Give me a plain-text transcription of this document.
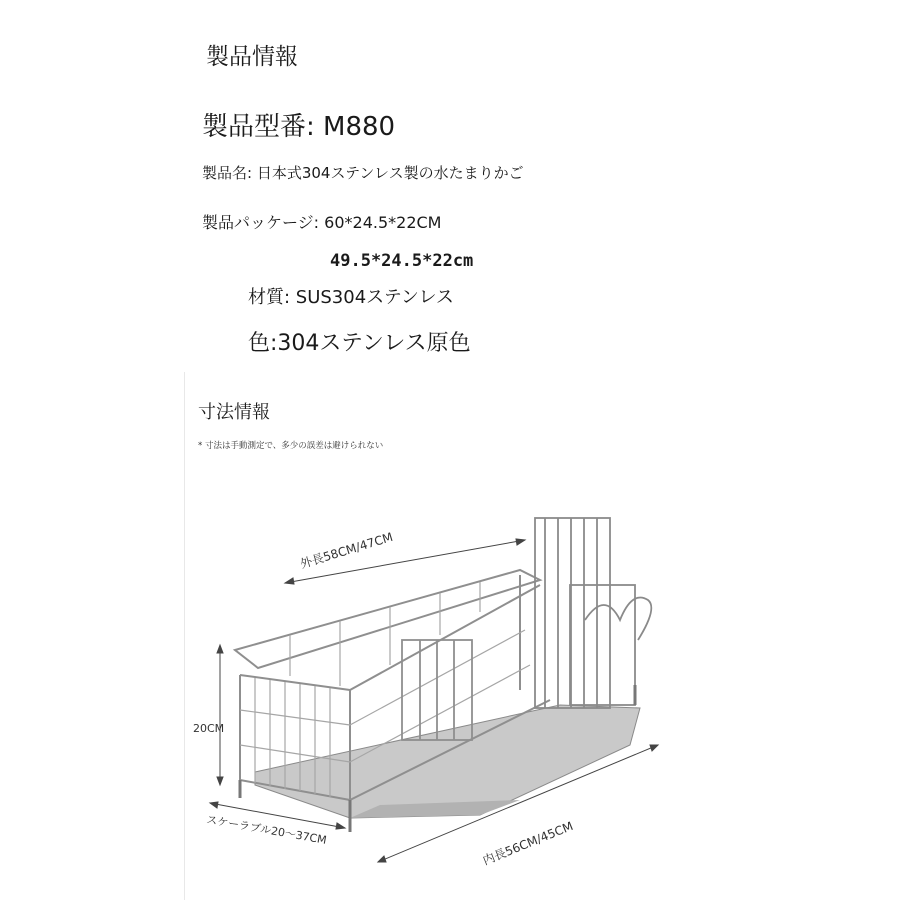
製品情報

製品型番: M880

製品名: 日本式304ステンレス製の水たまりかご

製品パッケージ: 60*24.5*22CM

49.5*24.5*22cm

材質: SUS304ステンレス

色:304ステンレス原色

寸法情報

* 寸法は手動測定で、多少の誤差は避けられない

外長58CM/47CM
20CM
スケーラブル20～37CM	内長56CM/45CM
